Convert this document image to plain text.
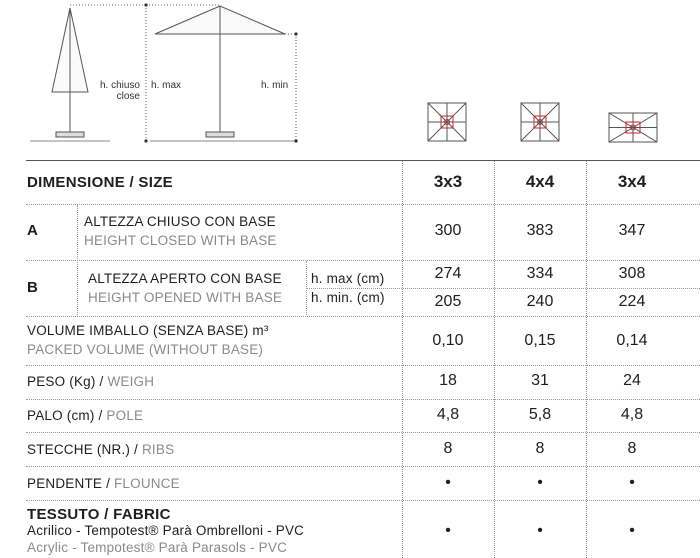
h. chiuso
close
h. max	h. min
DIMENSIONE / SIZE	3x3	4x4	3x4
A
ALTEZZA CHIUSO CON BASE
HEIGHT CLOSED WITH BASE
300	383	347
B
ALTEZZA APERTO CON BASE
HEIGHT OPENED WITH BASE
h. max (cm)
h. min. (cm)
274	334	308
205	240	224
VOLUME IMBALLO (SENZA BASE) m³
PACKED VOLUME (WITHOUT BASE)
0,10	0,15	0,14
PESO (Kg) / WEIGH	18	31	24
PALO (cm) / POLE	4,8	5,8	4,8
STECCHE (NR.) / RIBS	8	8	8
PENDENTE / FLOUNCE	•	•	•
TESSUTO / FABRIC
Acrilico - Tempotest® Parà Ombrelloni - PVC
Acrylic - Tempotest® Parà Parasols - PVC
•	•	•
